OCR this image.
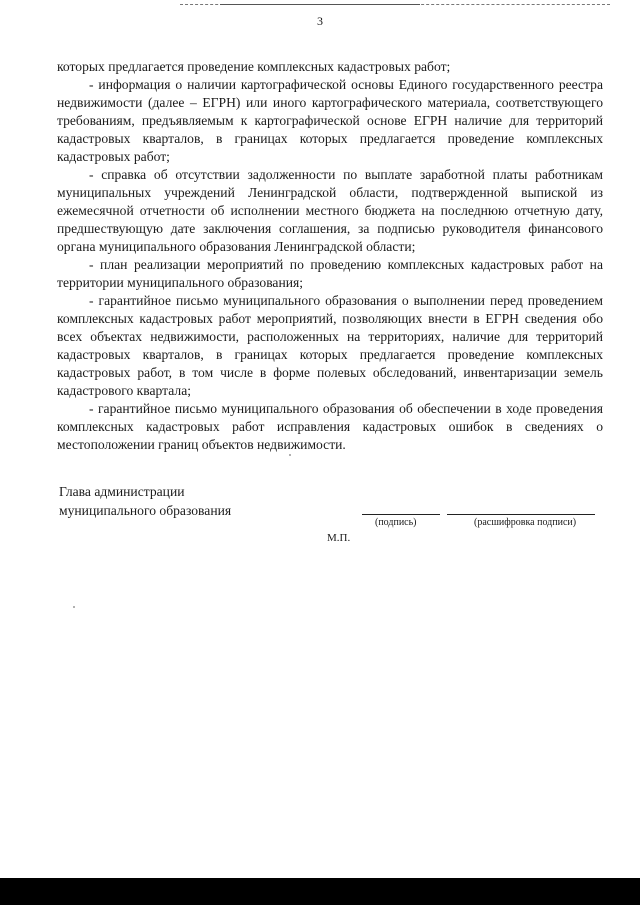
3

которых предлагается проведение комплексных кадастровых работ;

- информация о наличии картографической основы Единого государственного реестра недвижимости (далее – ЕГРН) или иного картографического материала, соответствующего требованиям, предъявляемым к картографической основе ЕГРН наличие для территорий кадастровых кварталов, в границах которых предлагается проведение комплексных кадастровых работ;

- справка об отсутствии задолженности по выплате заработной платы работникам муниципальных учреждений Ленинградской области, подтвержденной выпиской из ежемесячной отчетности об исполнении местного бюджета на последнюю отчетную дату, предшествующую дате заключения соглашения, за подписью руководителя финансового органа муниципального образования Ленинградской области;

- план реализации мероприятий по проведению комплексных кадастровых работ на территории муниципального образования;

- гарантийное письмо муниципального образования о выполнении перед проведением комплексных кадастровых работ мероприятий, позволяющих внести в ЕГРН сведения обо всех объектах недвижимости, расположенных на территориях, наличие для территорий кадастровых кварталов, в границах которых предлагается проведение комплексных кадастровых работ, в том числе в форме полевых обследований, инвентаризации земель кадастрового квартала;

- гарантийное письмо муниципального образования об обеспечении в ходе проведения комплексных кадастровых работ исправления кадастровых ошибок в сведениях о местоположении границ объектов недвижимости.

Глава администрации
муниципального образования
(подпись)	(расшифровка подписи)
М.П.
